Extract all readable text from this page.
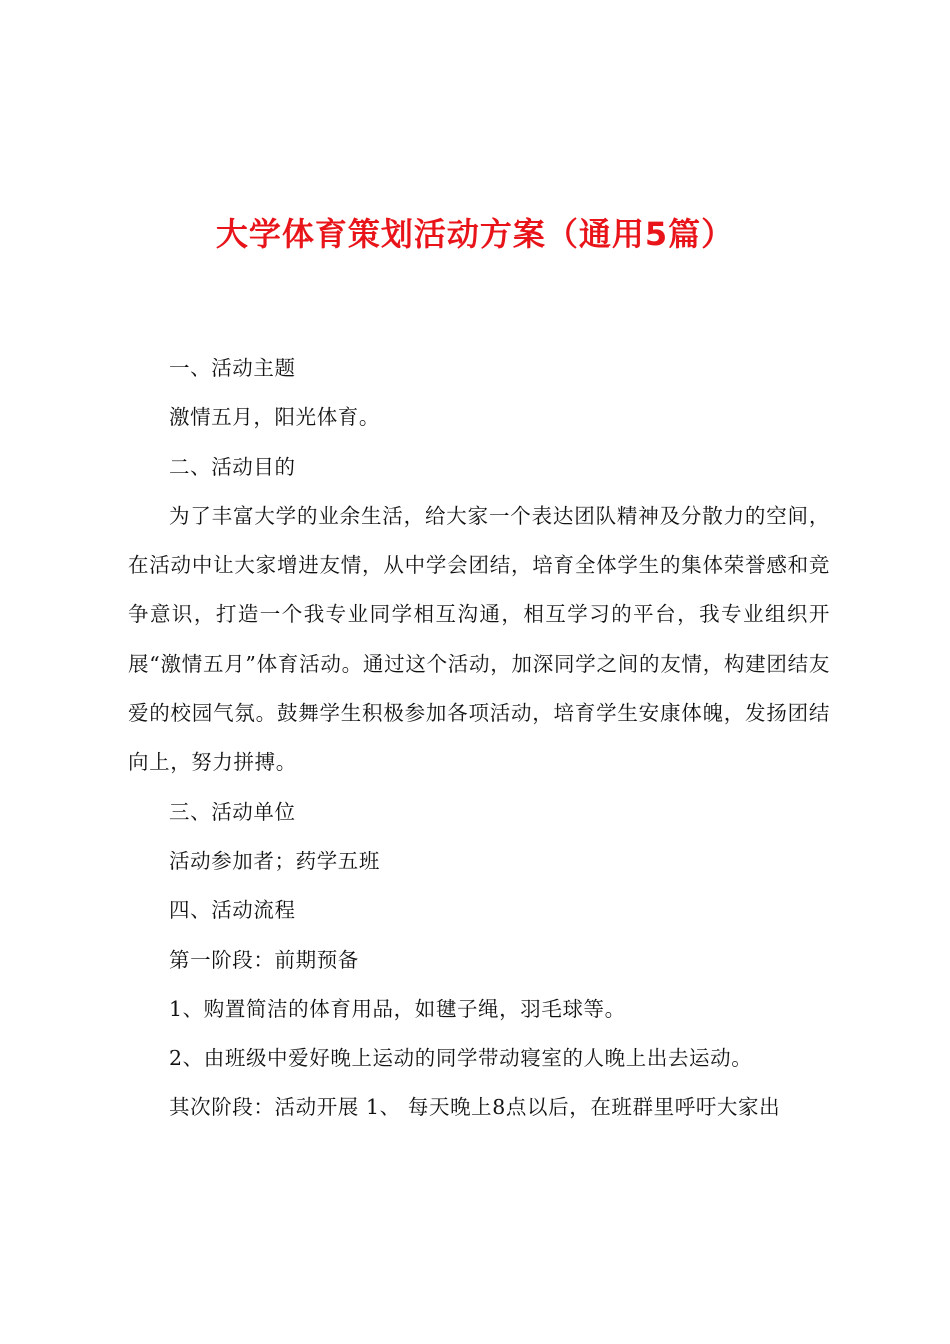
大学体育策划活动方案（通用5篇）

一、活动主题

激情五月，阳光体育。

二、活动目的

为了丰富大学的业余生活，给大家一个表达团队精神及分散力的空间，在活动中让大家增进友情，从中学会团结，培育全体学生的集体荣誉感和竞争意识，打造一个我专业同学相互沟通，相互学习的平台，我专业组织开展“激情五月”体育活动。通过这个活动，加深同学之间的友情，构建团结友爱的校园气氛。鼓舞学生积极参加各项活动，培育学生安康体魄，发扬团结向上，努力拼搏。

三、活动单位

活动参加者；药学五班

四、活动流程

第一阶段：前期预备

1、购置简洁的体育用品，如毽子绳，羽毛球等。

2、由班级中爱好晚上运动的同学带动寝室的人晚上出去运动。

其次阶段：活动开展 1、 每天晚上8点以后，在班群里呼吁大家出
